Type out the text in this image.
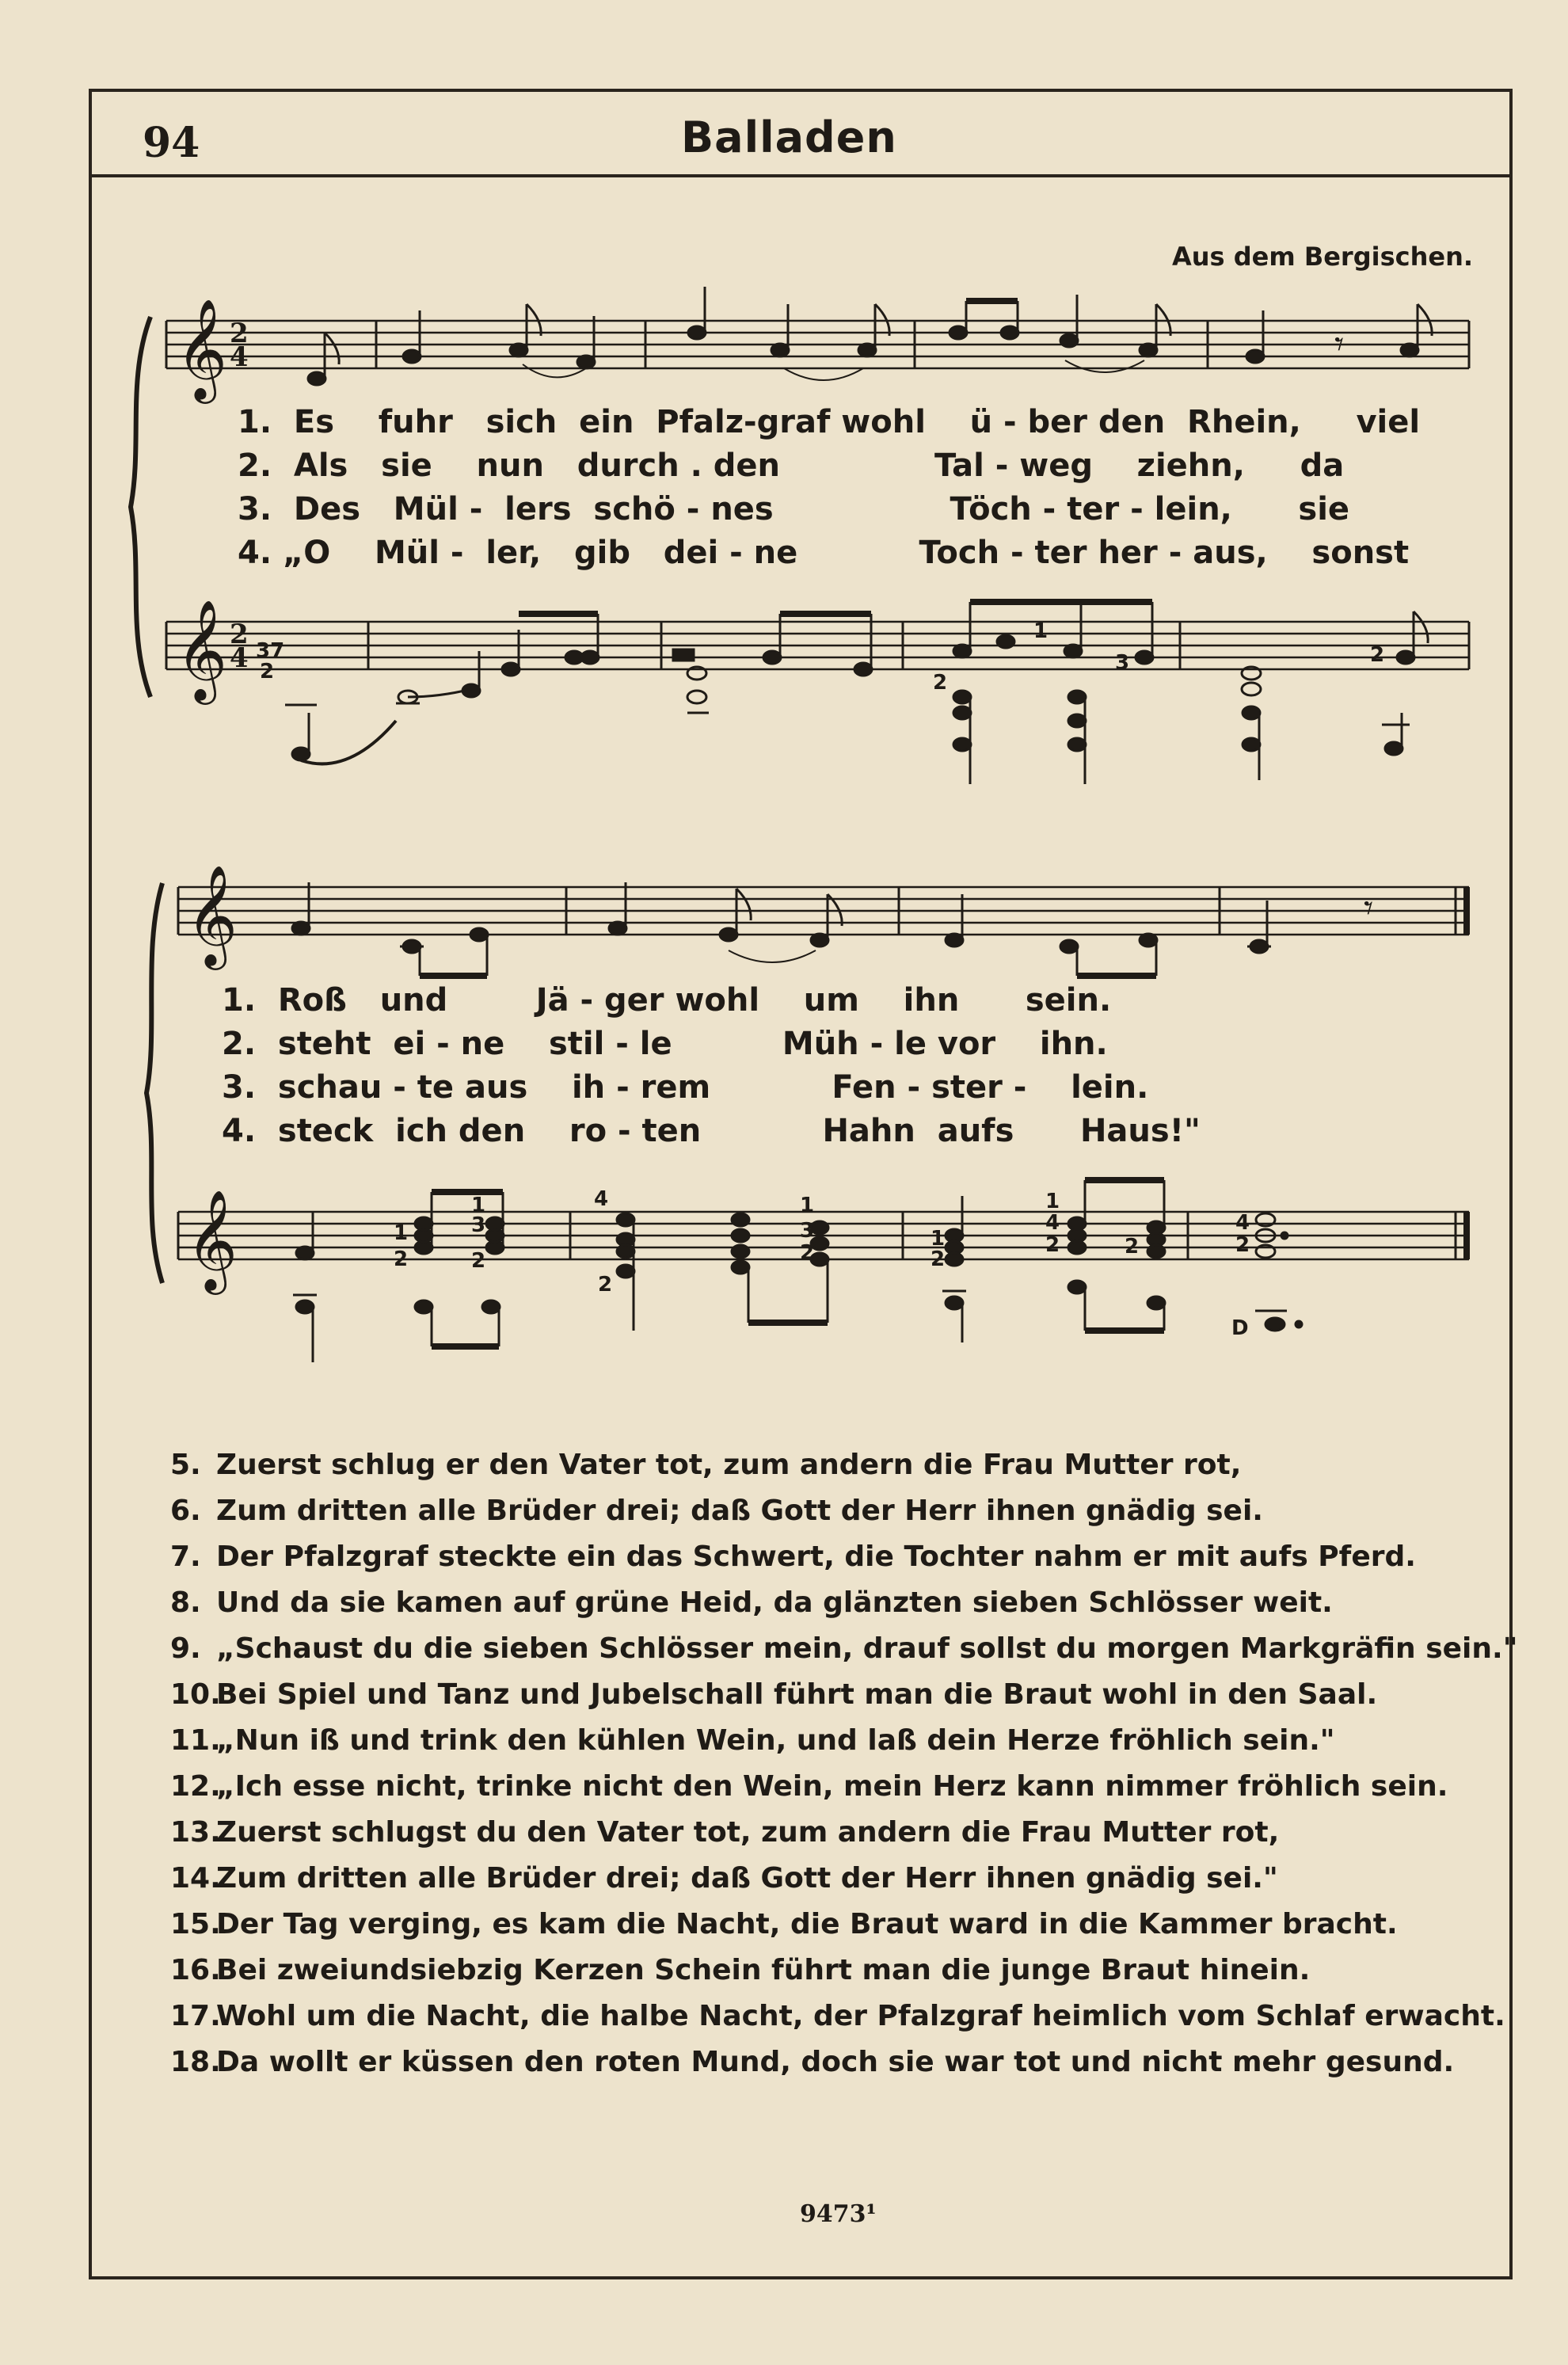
94	Balladen
Aus dem Bergischen.
𝄞 2
4	𝄾
𝄞 2
4 37
2	2
1
3	2
𝄞	𝄾
𝄞	1
2
1
3
2
4
2
1
3
2
1
2
1
4
2	2
4
2
D
1.  Es    fuhr   sich  ein  Pfalz-graf wohl    ü - ber den  Rhein,     viel
2.  Als   sie    nun   durch . den              Tal - weg    ziehn,     da
3.  Des   Mül -  lers  schö - nes                Töch - ter - lein,      sie
4. „O    Mül -  ler,   gib   dei - ne           Toch - ter her - aus,    sonst
1.  Roß   und        Jä - ger wohl    um    ihn      sein.
2.  steht  ei - ne    stil - le          Müh - le vor    ihn.
3.  schau - te aus    ih - rem           Fen - ster -    lein.
4.  steck  ich den    ro - ten           Hahn  aufs      Haus!"
5. Zuerst schlug er den Vater tot, zum andern die Frau Mutter rot,
6. Zum dritten alle Brüder drei; daß Gott der Herr ihnen gnädig sei.
7. Der Pfalzgraf steckte ein das Schwert, die Tochter nahm er mit aufs Pferd.
8. Und da sie kamen auf grüne Heid, da glänzten sieben Schlösser weit.
9. „Schaust du die sieben Schlösser mein, drauf sollst du morgen Markgräfin sein."
10.
Bei Spiel und Tanz und Jubelschall führt man die Braut wohl in den Saal.
11.
„Nun iß und trink den kühlen Wein, und laß dein Herze fröhlich sein."
12.
„Ich esse nicht, trinke nicht den Wein, mein Herz kann nimmer fröhlich sein.
13.
Zuerst schlugst du den Vater tot, zum andern die Frau Mutter rot,
14.
Zum dritten alle Brüder drei; daß Gott der Herr ihnen gnädig sei."
15.
Der Tag verging, es kam die Nacht, die Braut ward in die Kammer bracht.
16.
Bei zweiundsiebzig Kerzen Schein führt man die junge Braut hinein.
17.
Wohl um die Nacht, die halbe Nacht, der Pfalzgraf heimlich vom Schlaf erwacht.
18.
Da wollt er küssen den roten Mund, doch sie war tot und nicht mehr gesund.
9473¹
